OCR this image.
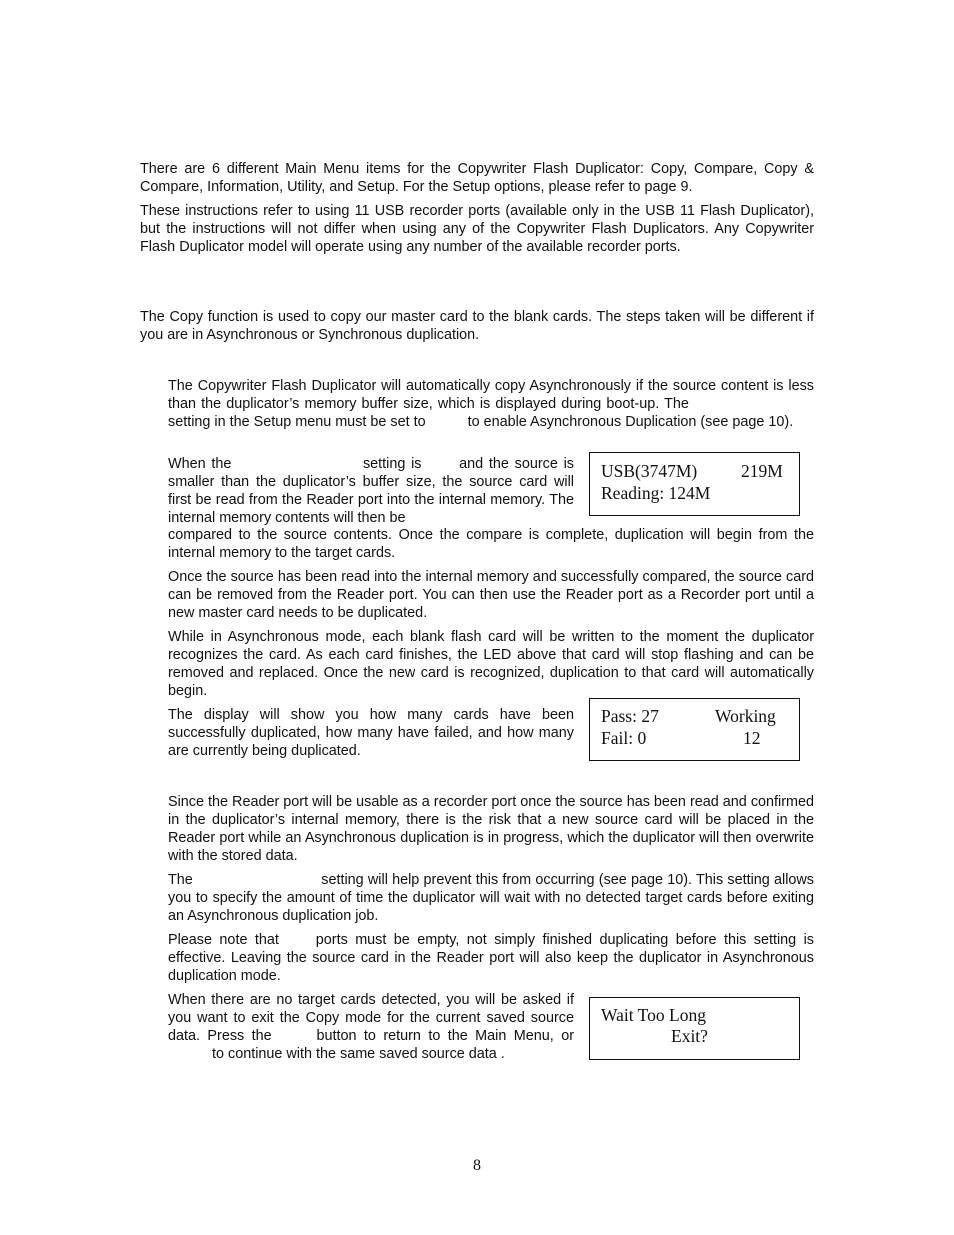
There are 6 different Main Menu items for the Copywriter Flash Duplicator: Copy, Compare, Copy & Compare, Information, Utility, and Setup. For the Setup options, please refer to page 9.

These instructions refer to using 11 USB recorder ports (available only in the USB 11 Flash Duplicator), but the instructions will not differ when using any of the Copywriter Flash Duplicators. Any Copywriter Flash Duplicator model will operate using any number of the available recorder ports.

The Copy function is used to copy our master card to the blank cards. The steps taken will be different if you are in Asynchronous or Synchronous duplication.

The Copywriter Flash Duplicator will automatically copy Asynchronously if the source content is less than the duplicator’s memory buffer size, which is displayed during boot-up. The  setting in the Setup menu must be set to	to enable Asynchronous Duplication (see page 10).

When the	setting is	and the source is smaller than the duplicator’s buffer size, the source card will first be read from the Reader port into the internal memory. The internal memory contents will then be

compared to the source contents. Once the compare is complete, duplication will begin from the internal memory to the target cards.

USB(3747M) 219M
Reading: 124M

Once the source has been read into the internal memory and successfully compared, the source card can be removed from the Reader port. You can then use the Reader port as a Recorder port until a new master card needs to be duplicated.

While in Asynchronous mode, each blank flash card will be written to the moment the duplicator recognizes the card. As each card finishes, the LED above that card will stop flashing and can be removed and replaced. Once the new card is recognized, duplication to that card will automatically begin.

The display will show you how many cards have been successfully duplicated, how many have failed, and how many are currently being duplicated.

Pass: 27	Working
Fail: 0	12

Since the Reader port will be usable as a recorder port once the source has been read and confirmed in the duplicator’s internal memory, there is the risk that a new source card will be placed in the Reader port while an Asynchronous duplication is in progress, which the duplicator will then overwrite with the stored data.

The	setting will help prevent this from occurring (see page 10). This setting allows you to specify the amount of time the duplicator will wait with no detected target cards before exiting an Asynchronous duplication job.

Please note that	ports must be empty, not simply finished duplicating before this setting is effective. Leaving the source card in the Reader port will also keep the duplicator in Asynchronous duplication mode.

When there are no target cards detected, you will be asked if you want to exit the Copy mode for the current saved source data. Press the	button to return to the Main Menu, or  to continue with the same saved source data .

Wait Too Long
Exit?
8
